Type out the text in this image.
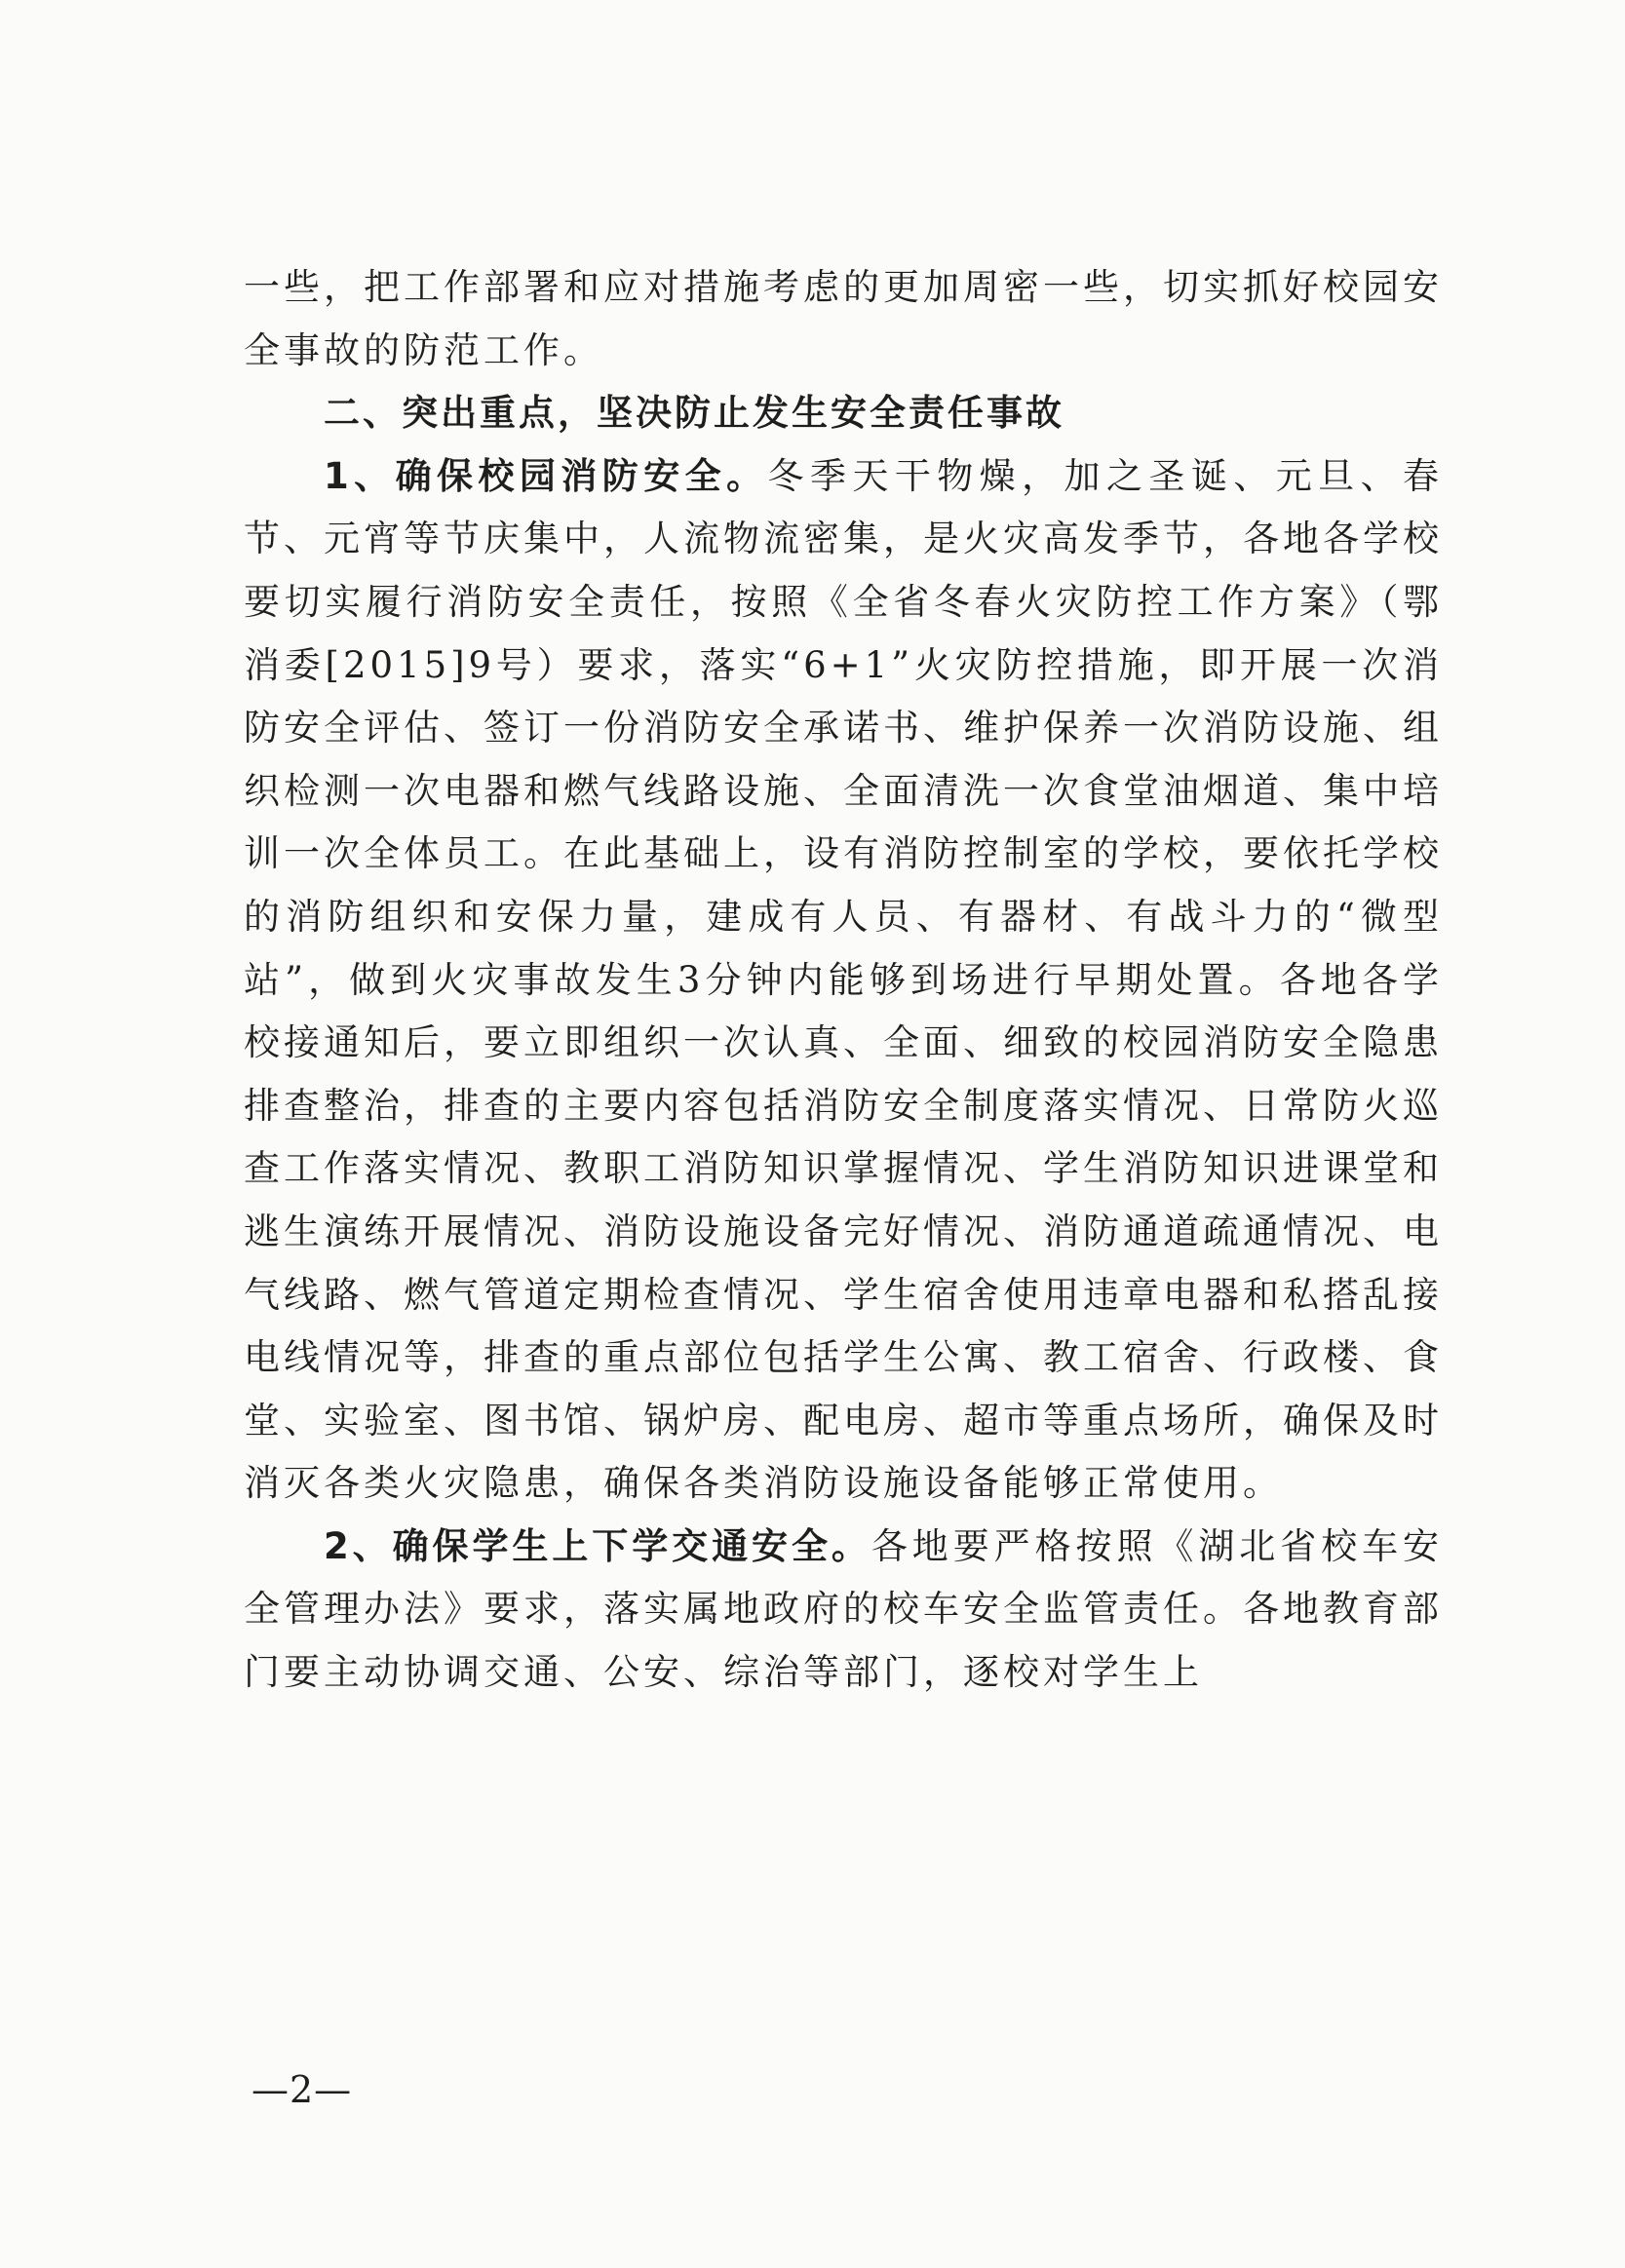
一些，把工作部署和应对措施考虑的更加周密一些，切实抓好校园安全事故的防范工作。

二、突出重点，坚决防止发生安全责任事故

1、确保校园消防安全。冬季天干物燥，加之圣诞、元旦、春节、元宵等节庆集中，人流物流密集，是火灾高发季节，各地各学校要切实履行消防安全责任，按照《全省冬春火灾防控工作方案》（鄂消委[2015]9号）要求，落实“6+1”火灾防控措施，即开展一次消防安全评估、签订一份消防安全承诺书、维护保养一次消防设施、组织检测一次电器和燃气线路设施、全面清洗一次食堂油烟道、集中培训一次全体员工。在此基础上，设有消防控制室的学校，要依托学校的消防组织和安保力量，建成有人员、有器材、有战斗力的“微型站”，做到火灾事故发生3分钟内能够到场进行早期处置。各地各学校接通知后，要立即组织一次认真、全面、细致的校园消防安全隐患排查整治，排查的主要内容包括消防安全制度落实情况、日常防火巡查工作落实情况、教职工消防知识掌握情况、学生消防知识进课堂和逃生演练开展情况、消防设施设备完好情况、消防通道疏通情况、电气线路、燃气管道定期检查情况、学生宿舍使用违章电器和私搭乱接电线情况等，排查的重点部位包括学生公寓、教工宿舍、行政楼、食堂、实验室、图书馆、锅炉房、配电房、超市等重点场所，确保及时消灭各类火灾隐患，确保各类消防设施设备能够正常使用。

2、确保学生上下学交通安全。各地要严格按照《湖北省校车安全管理办法》要求，落实属地政府的校车安全监管责任。各地教育部门要主动协调交通、公安、综治等部门，逐校对学生上

—2—
